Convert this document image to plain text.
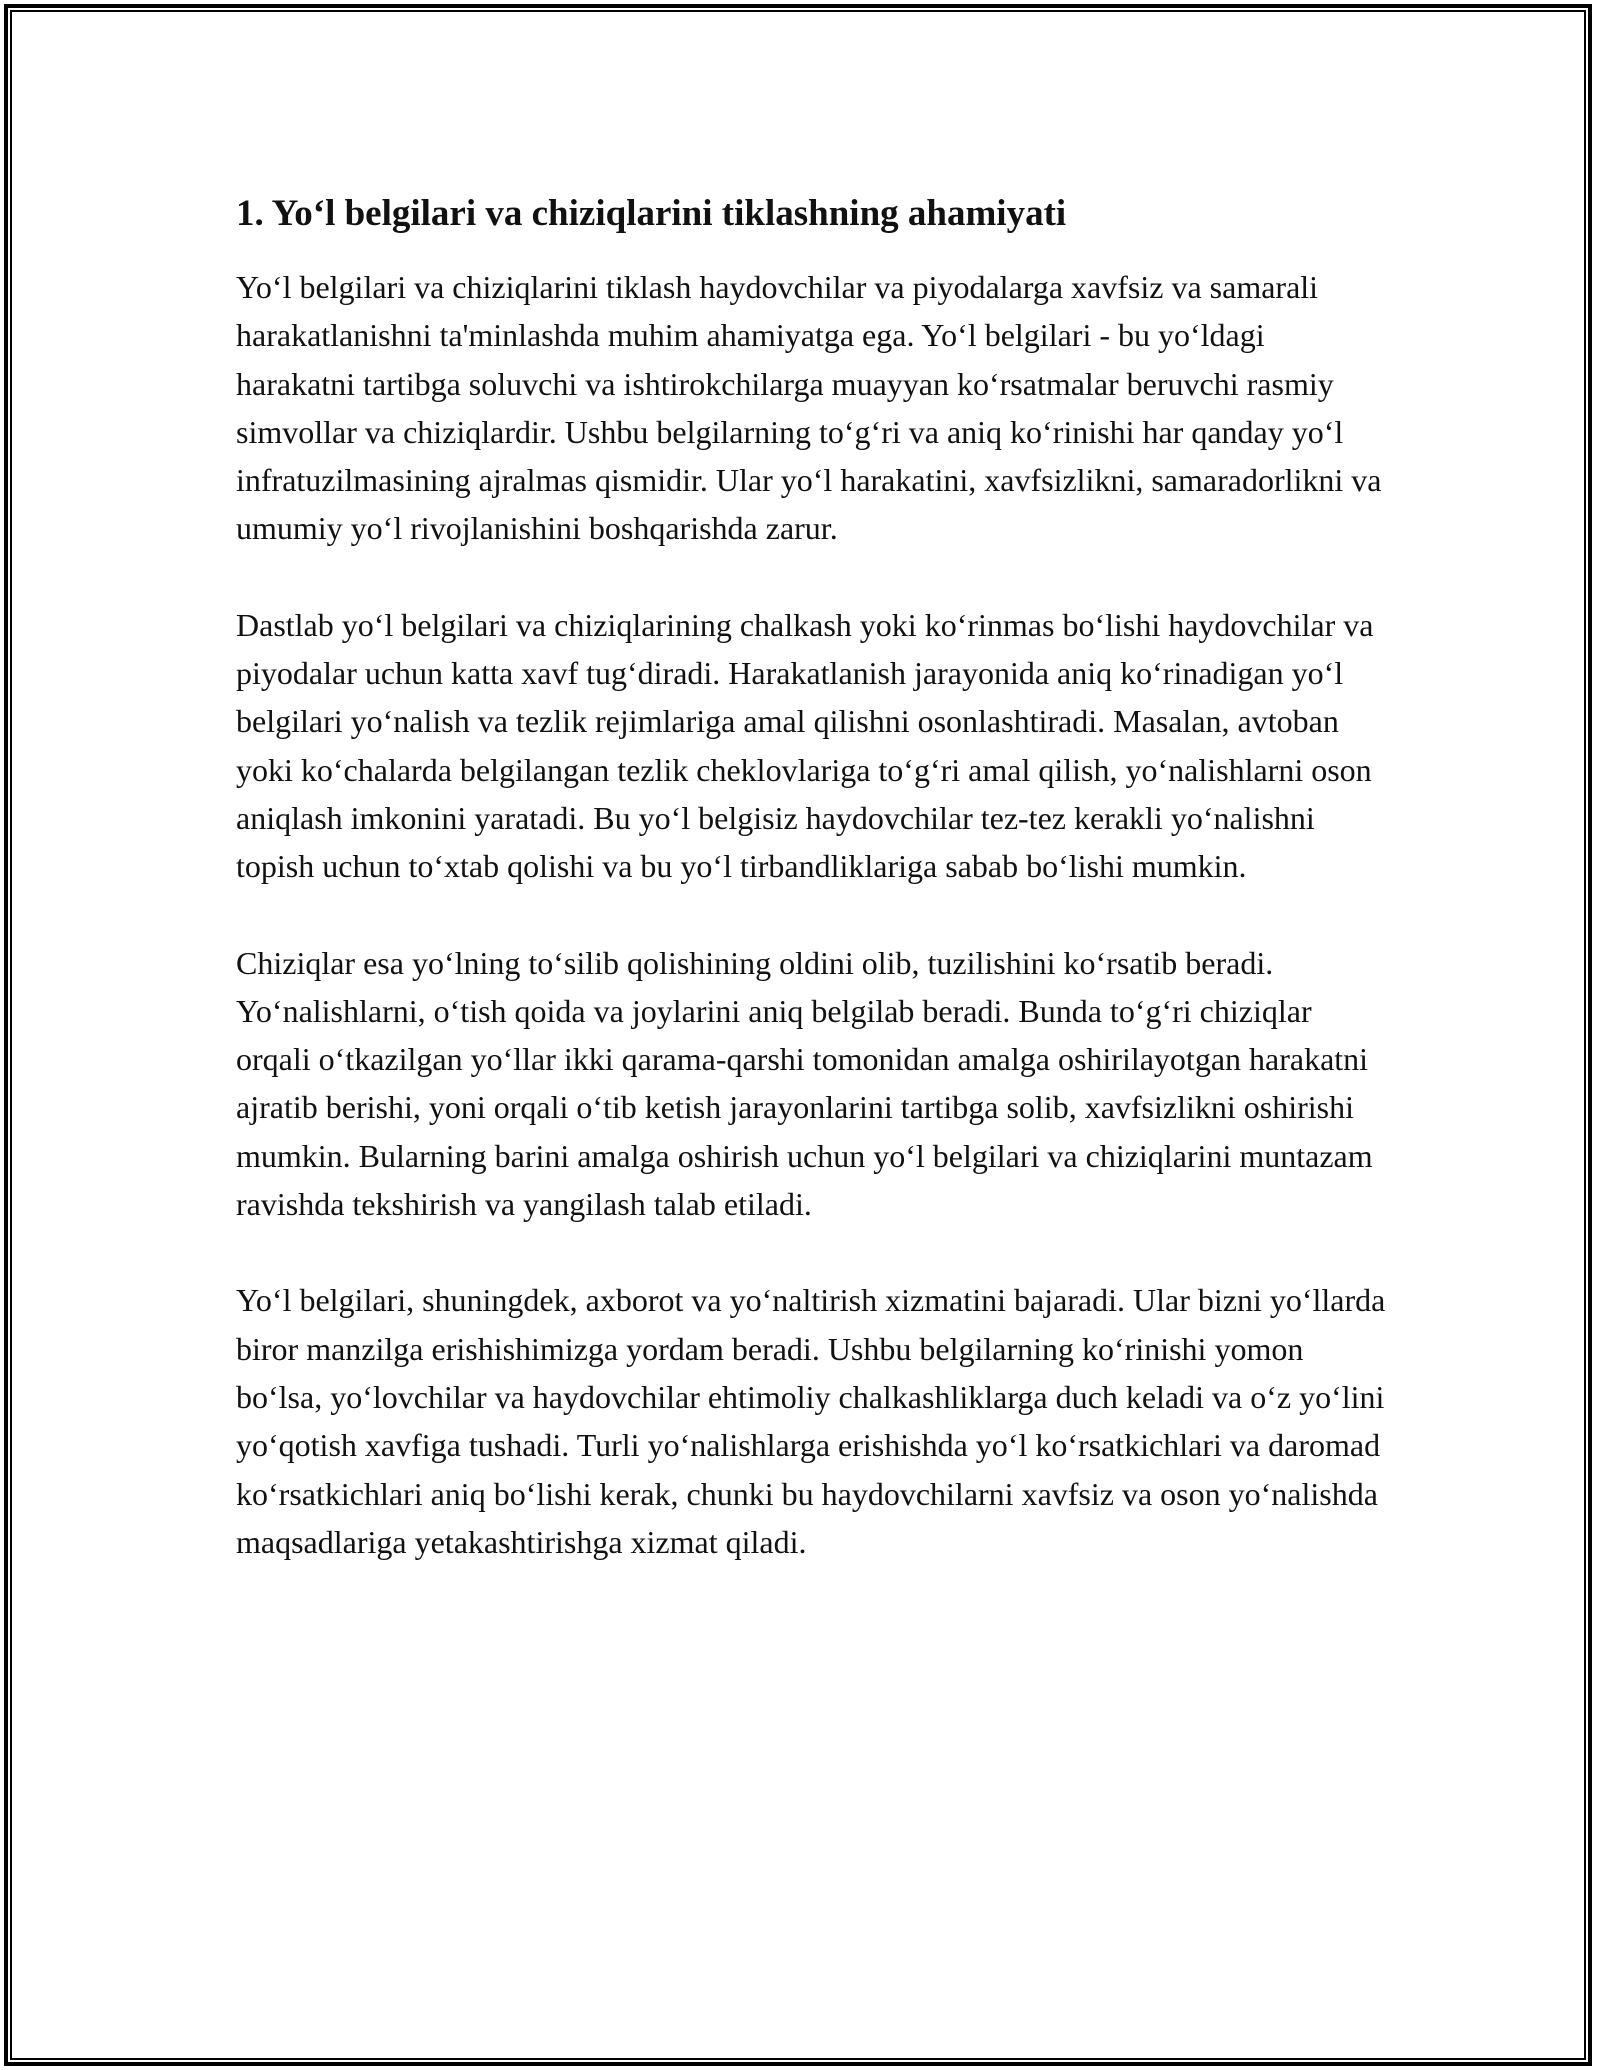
1. Yo‘l belgilari va chiziqlarini tiklashning ahamiyati

Yo‘l belgilari va chiziqlarini tiklash haydovchilar va piyodalarga xavfsiz va samarali harakatlanishni ta'minlashda muhim ahamiyatga ega. Yo‘l belgilari - bu yo‘ldagi harakatni tartibga soluvchi va ishtirokchilarga muayyan ko‘rsatmalar beruvchi rasmiy simvollar va chiziqlardir. Ushbu belgilarning to‘g‘ri va aniq ko‘rinishi har qanday yo‘l infratuzilmasining ajralmas qismidir. Ular yo‘l harakatini, xavfsizlikni, samaradorlikni va umumiy yo‘l rivojlanishini boshqarishda zarur.

Dastlab yo‘l belgilari va chiziqlarining chalkash yoki ko‘rinmas bo‘lishi haydovchilar va piyodalar uchun katta xavf tug‘diradi. Harakatlanish jarayonida aniq ko‘rinadigan yo‘l belgilari yo‘nalish va tezlik rejimlariga amal qilishni osonlashtiradi. Masalan, avtoban yoki ko‘chalarda belgilangan tezlik cheklovlariga to‘g‘ri amal qilish, yo‘nalishlarni oson aniqlash imkonini yaratadi. Bu yo‘l belgisiz haydovchilar tez-tez kerakli yo‘nalishni topish uchun to‘xtab qolishi va bu yo‘l tirbandliklariga sabab bo‘lishi mumkin.

Chiziqlar esa yo‘lning to‘silib qolishining oldini olib, tuzilishini ko‘rsatib beradi. Yo‘nalishlarni, o‘tish qoida va joylarini aniq belgilab beradi. Bunda to‘g‘ri chiziqlar orqali o‘tkazilgan yo‘llar ikki qarama-qarshi tomonidan amalga oshirilayotgan harakatni ajratib berishi, yoni orqali o‘tib ketish jarayonlarini tartibga solib, xavfsizlikni oshirishi mumkin. Bularning barini amalga oshirish uchun yo‘l belgilari va chiziqlarini muntazam ravishda tekshirish va yangilash talab etiladi.

Yo‘l belgilari, shuningdek, axborot va yo‘naltirish xizmatini bajaradi. Ular bizni yo‘llarda biror manzilga erishishimizga yordam beradi. Ushbu belgilarning ko‘rinishi yomon bo‘lsa, yo‘lovchilar va haydovchilar ehtimoliy chalkashliklarga duch keladi va o‘z yo‘lini yo‘qotish xavfiga tushadi. Turli yo‘nalishlarga erishishda yo‘l ko‘rsatkichlari va daromad ko‘rsatkichlari aniq bo‘lishi kerak, chunki bu haydovchilarni xavfsiz va oson yo‘nalishda maqsadlariga yetakashtirishga xizmat qiladi.
